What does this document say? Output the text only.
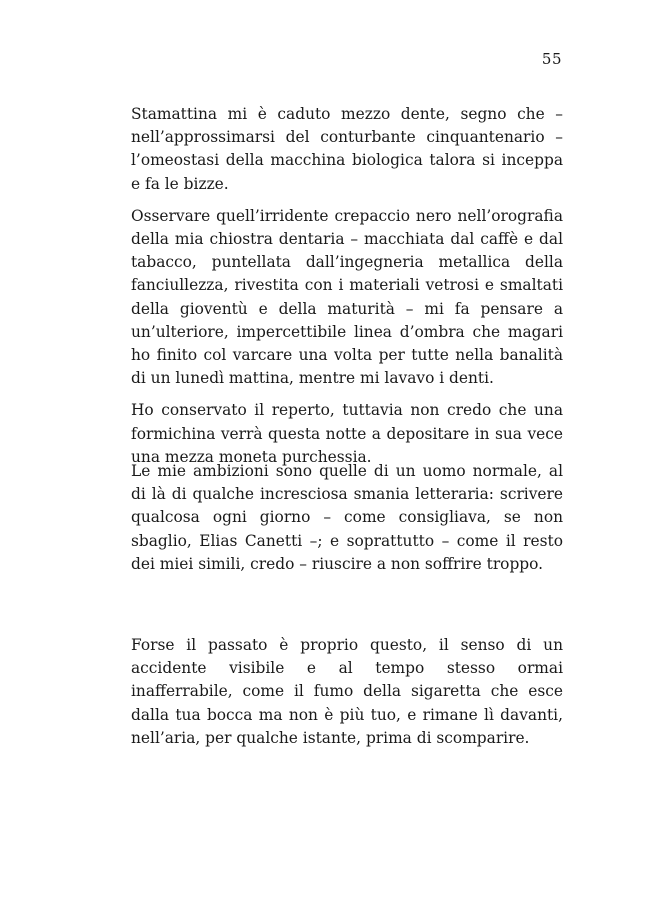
55

Stamattina mi è caduto mezzo dente, segno che – nell’approssimarsi del conturbante cinquantenario – l’omeostasi della macchina biologica talora si inceppa e fa le bizze.

Osservare quell’irridente crepaccio nero nell’orografia della mia chiostra dentaria – macchiata dal caffè e dal tabacco, puntellata dall’ingegneria metallica della fanciullezza, rivestita con i materiali vetrosi e smaltati della gioventù e della maturità – mi fa pensare a un’ulteriore, impercettibile linea d’ombra che magari ho finito col varcare una volta per tutte nella banalità di un lunedì mattina, mentre mi lavavo i denti.

Ho conservato il reperto, tuttavia non credo che una formichina verrà questa notte a depositare in sua vece una mezza moneta purchessia.

Le mie ambizioni sono quelle di un uomo normale, al di là di qualche incresciosa smania letteraria: scrivere qualcosa ogni giorno – come consigliava, se non sbaglio, Elias Canetti –; e soprattutto – come il resto dei miei simili, credo – riuscire a non soffrire troppo.

Forse il passato è proprio questo, il senso di un accidente visibile e al tempo stesso ormai inafferrabile, come il fumo della sigaretta che esce dalla tua bocca ma non è più tuo, e rimane lì davanti, nell’aria, per qualche istante, prima di scomparire.
